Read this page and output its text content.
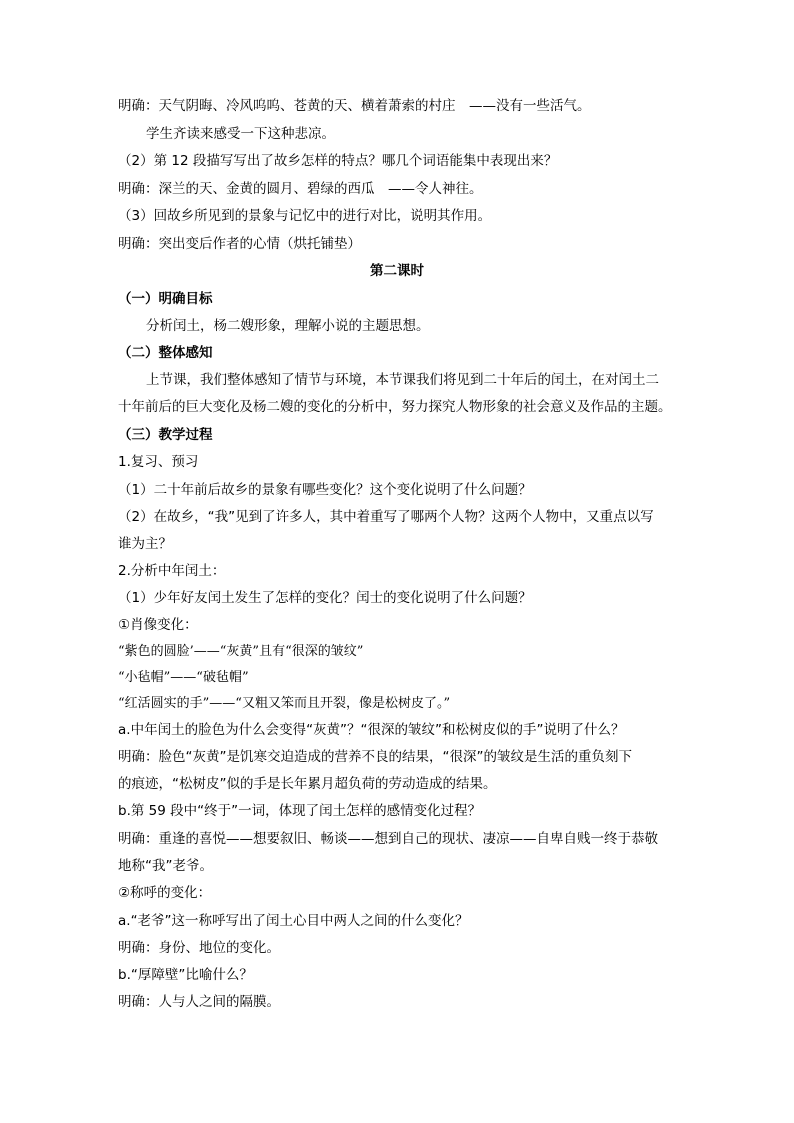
明确：天气阴晦、冷风呜呜、苍黄的天、横着萧索的村庄　——没有一些活气。
学生齐读来感受一下这种悲凉。
（2）第 12 段描写写出了故乡怎样的特点？哪几个词语能集中表现出来？
明确：深兰的天、金黄的圆月、碧绿的西瓜　——令人神往。
（3）回故乡所见到的景象与记忆中的进行对比，说明其作用。
明确：突出变后作者的心情（烘托铺垫）
第二课时
（一）明确目标
分析闰土，杨二嫂形象，理解小说的主题思想。
（二）整体感知
上节课，我们整体感知了情节与环境，本节课我们将见到二十年后的闰土，在对闰土二
十年前后的巨大变化及杨二嫂的变化的分析中，努力探究人物形象的社会意义及作品的主题。
（三）教学过程
1.复习、预习
（1）二十年前后故乡的景象有哪些变化？这个变化说明了什么问题？
（2）在故乡，“我”见到了许多人，其中着重写了哪两个人物？这两个人物中，又重点以写
谁为主？
2.分析中年闰土：
（1）少年好友闰土发生了怎样的变化？闰士的变化说明了什么问题？
①肖像变化：
“紫色的圆脸’——“灰黄”且有“很深的皱纹”
“小毡帽”——“破毡帽”
“红活圆实的手”——“又粗又笨而且开裂，像是松树皮了。”
a.中年闰土的脸色为什么会变得“灰黄”？“很深的皱纹”和松树皮似的手”说明了什么？
明确：脸色“灰黄”是饥寒交迫造成的营养不良的结果，“很深”的皱纹是生活的重负刻下
的痕迹，“松树皮”似的手是长年累月超负荷的劳动造成的结果。
b.第 59 段中“终于”一词，体现了闰土怎样的感情变化过程？
明确：重逢的喜悦——想要叙旧、畅谈——想到自己的现状、凄凉——自卑自贱一终于恭敬
地称“我”老爷。
②称呼的变化：
a.“老爷”这一称呼写出了闰土心目中两人之间的什么变化？
明确：身份、地位的变化。
b.“厚障壁”比喻什么？
明确：人与人之间的隔膜。
